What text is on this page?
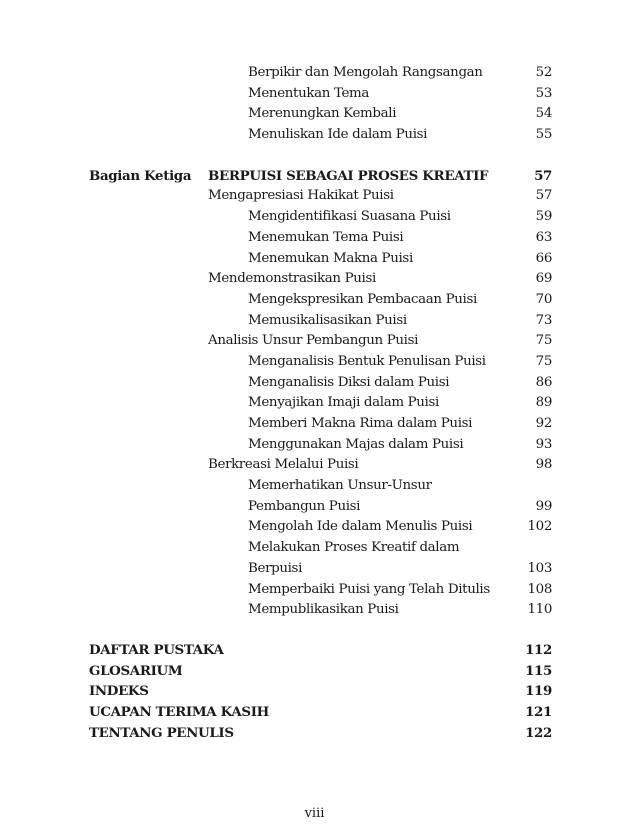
Berpikir dan Mengolah Rangsangan	52
Menentukan Tema	53
Merenungkan Kembali	54
Menuliskan Ide dalam Puisi	55
Bagian Ketiga BERPUISI SEBAGAI PROSES KREATIF	57
Mengapresiasi Hakikat Puisi	57
Mengidentifikasi Suasana Puisi	59
Menemukan Tema Puisi	63
Menemukan Makna Puisi	66
Mendemonstrasikan Puisi	69
Mengekspresikan Pembacaan Puisi	70
Memusikalisasikan Puisi	73
Analisis Unsur Pembangun Puisi	75
Menganalisis Bentuk Penulisan Puisi	75
Menganalisis Diksi dalam Puisi	86
Menyajikan Imaji dalam Puisi	89
Memberi Makna Rima dalam Puisi	92
Menggunakan Majas dalam Puisi	93
Berkreasi Melalui Puisi	98
Memerhatikan Unsur-Unsur
Pembangun Puisi	99
Mengolah Ide dalam Menulis Puisi	102
Melakukan Proses Kreatif dalam
Berpuisi	103
Memperbaiki Puisi yang Telah Ditulis	108
Mempublikasikan Puisi	110
DAFTAR PUSTAKA	112
GLOSARIUM	115
INDEKS	119
UCAPAN TERIMA KASIH	121
TENTANG PENULIS	122
viii
